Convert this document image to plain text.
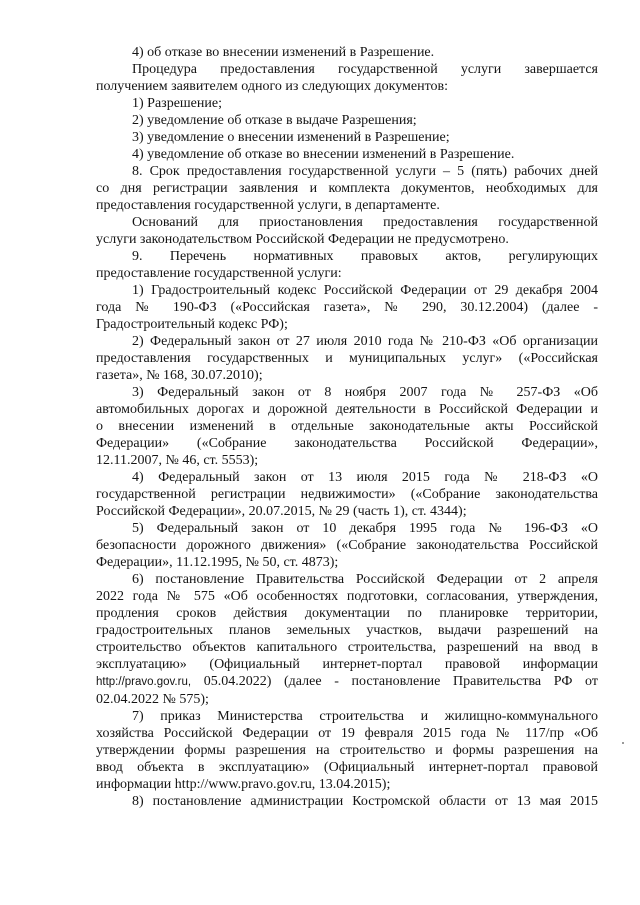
4) об отказе во внесении изменений в Разрешение.
Процедура предоставления государственной услуги завершается
получением заявителем одного из следующих документов:
1) Разрешение;
2) уведомление об отказе в выдаче Разрешения;
3) уведомление о внесении изменений в Разрешение;
4) уведомление об отказе во внесении изменений в Разрешение.
8. Срок предоставления государственной услуги – 5 (пять) рабочих дней
со дня регистрации заявления и комплекта документов, необходимых для
предоставления государственной услуги, в департаменте.
Оснований для приостановления предоставления государственной
услуги законодательством Российской Федерации не предусмотрено.
9. Перечень нормативных правовых актов, регулирующих
предоставление государственной услуги:
1) Градостроительный кодекс Российской Федерации от 29 декабря 2004
года № 190-ФЗ («Российская газета», № 290, 30.12.2004) (далее -
Градостроительный кодекс РФ);
2) Федеральный закон от 27 июля 2010 года № 210-ФЗ «Об организации
предоставления государственных и муниципальных услуг» («Российская
газета», № 168, 30.07.2010);
3) Федеральный закон от 8 ноября 2007 года № 257-ФЗ «Об
автомобильных дорогах и дорожной деятельности в Российской Федерации и
о внесении изменений в отдельные законодательные акты Российской
Федерации» («Собрание законодательства Российской Федерации»,
12.11.2007, № 46, ст. 5553);
4) Федеральный закон от 13 июля 2015 года № 218-ФЗ «О
государственной регистрации недвижимости» («Собрание законодательства
Российской Федерации», 20.07.2015, № 29 (часть 1), ст. 4344);
5) Федеральный закон от 10 декабря 1995 года № 196-ФЗ «О
безопасности дорожного движения» («Собрание законодательства Российской
Федерации», 11.12.1995, № 50, ст. 4873);
6) постановление Правительства Российской Федерации от 2 апреля
2022 года № 575 «Об особенностях подготовки, согласования, утверждения,
продления сроков действия документации по планировке территории,
градостроительных планов земельных участков, выдачи разрешений на
строительство объектов капитального строительства, разрешений на ввод в
эксплуатацию» (Официальный интернет-портал правовой информации
http://pravo.gov.ru, 05.04.2022) (далее - постановление Правительства РФ от
02.04.2022 № 575);
7) приказ Министерства строительства и жилищно-коммунального
хозяйства Российской Федерации от 19 февраля 2015 года № 117/пр «Об
утверждении формы разрешения на строительство и формы разрешения на
ввод объекта в эксплуатацию» (Официальный интернет-портал правовой
информации http://www.pravo.gov.ru, 13.04.2015);
8) постановление администрации Костромской области от 13 мая 2015
